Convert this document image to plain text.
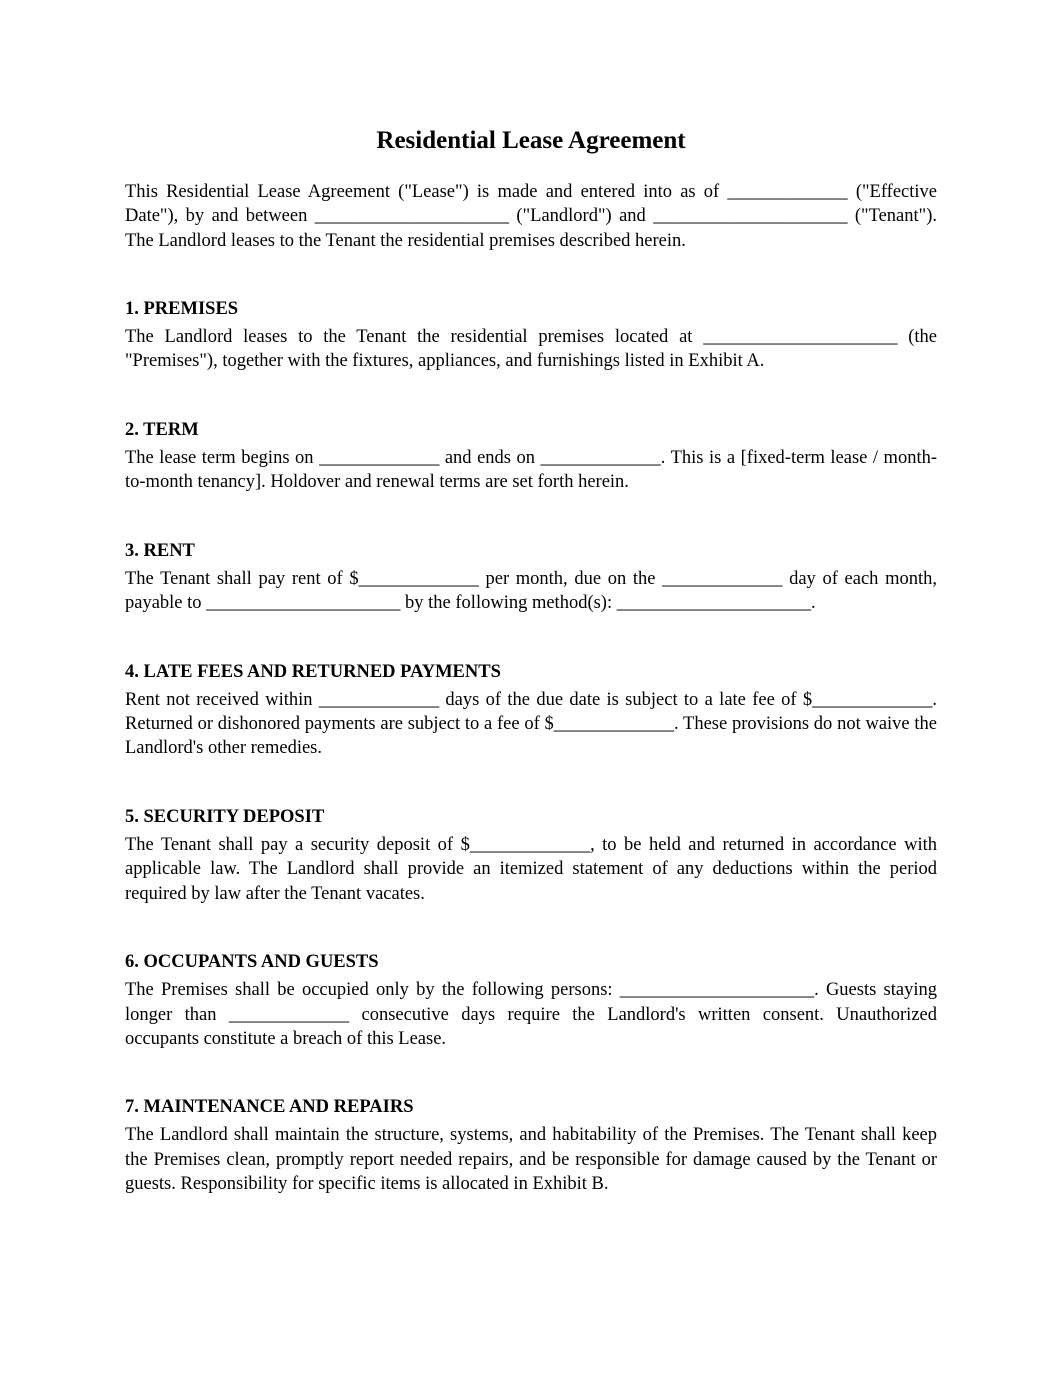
Residential Lease Agreement

This Residential Lease Agreement ("Lease") is made and entered into as of _____________ ("Effective Date"), by and between _____________________ ("Landlord") and _____________________ ("Tenant"). The Landlord leases to the Tenant the residential premises described herein.

1. PREMISES

The Landlord leases to the Tenant the residential premises located at _____________________ (the "Premises"), together with the fixtures, appliances, and furnishings listed in Exhibit A.

2. TERM

The lease term begins on _____________ and ends on _____________. This is a [fixed-term lease / month-to-month tenancy]. Holdover and renewal terms are set forth herein.

3. RENT

The Tenant shall pay rent of $_____________ per month, due on the _____________ day of each month, payable to _____________________ by the following method(s): _____________________.

4. LATE FEES AND RETURNED PAYMENTS

Rent not received within _____________ days of the due date is subject to a late fee of $_____________. Returned or dishonored payments are subject to a fee of $_____________. These provisions do not waive the Landlord's other remedies.

5. SECURITY DEPOSIT

The Tenant shall pay a security deposit of $_____________, to be held and returned in accordance with applicable law. The Landlord shall provide an itemized statement of any deductions within the period required by law after the Tenant vacates.

6. OCCUPANTS AND GUESTS

The Premises shall be occupied only by the following persons: _____________________. Guests staying longer than _____________ consecutive days require the Landlord's written consent. Unauthorized occupants constitute a breach of this Lease.

7. MAINTENANCE AND REPAIRS

The Landlord shall maintain the structure, systems, and habitability of the Premises. The Tenant shall keep the Premises clean, promptly report needed repairs, and be responsible for damage caused by the Tenant or guests. Responsibility for specific items is allocated in Exhibit B.
